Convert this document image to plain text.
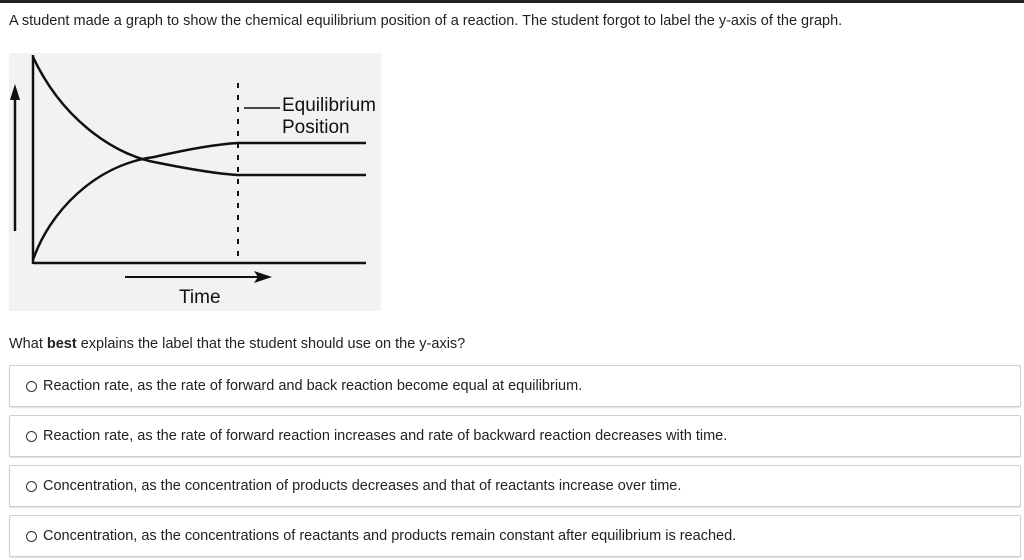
A student made a graph to show the chemical equilibrium position of a reaction. The student forgot to label the y-axis of the graph.

Equilibrium
Position
Time

What best explains the label that the student should use on the y-axis?

Reaction rate, as the rate of forward and back reaction become equal at equilibrium.
Reaction rate, as the rate of forward reaction increases and rate of backward reaction decreases with time.
Concentration, as the concentration of products decreases and that of reactants increase over time.
Concentration, as the concentrations of reactants and products remain constant after equilibrium is reached.
